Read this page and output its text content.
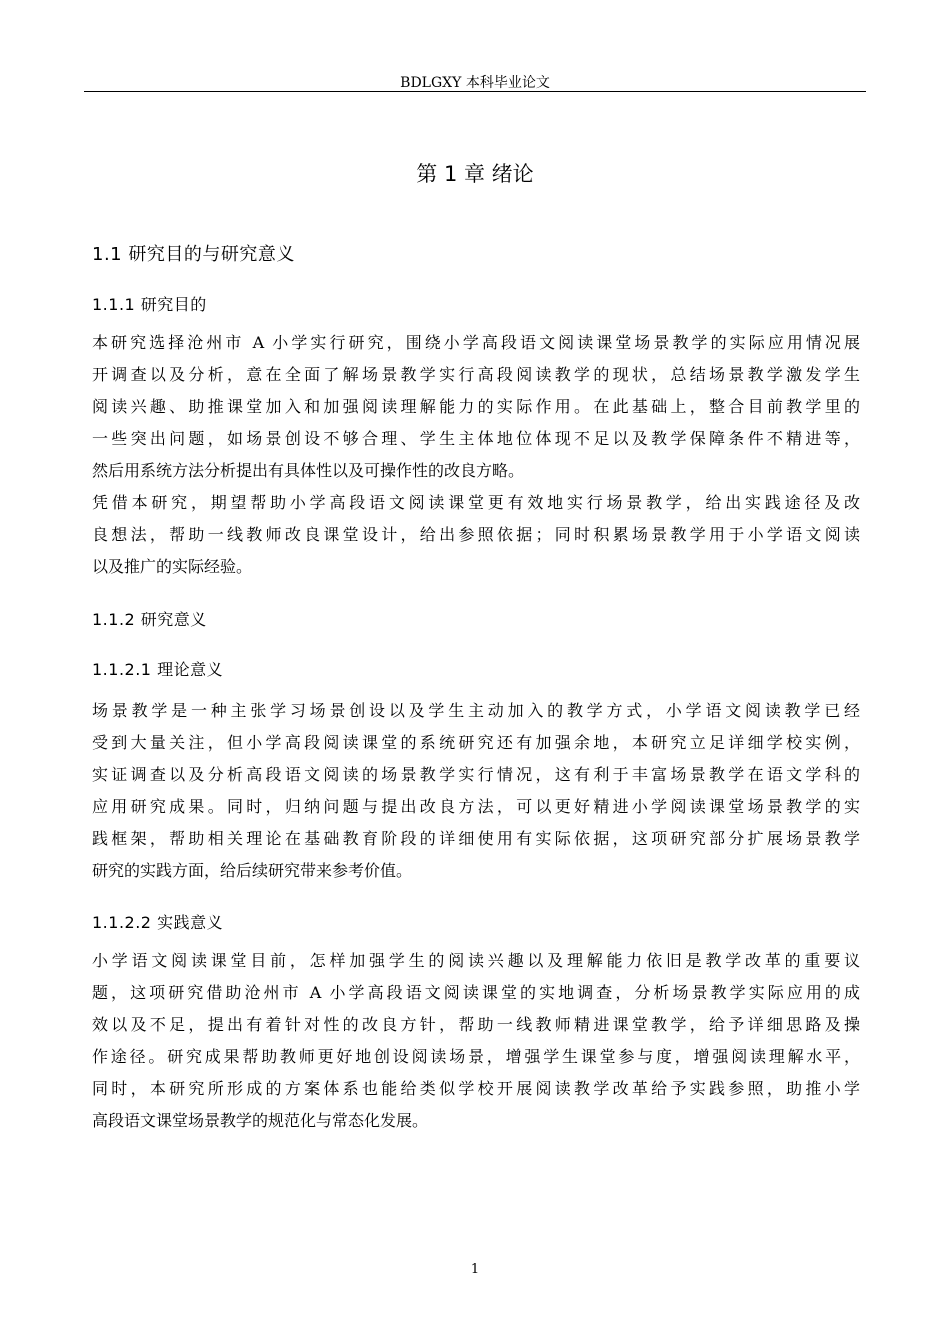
BDLGXY 本科毕业论文
第 1 章 绪论
1.1 研究目的与研究意义
1.1.1 研究目的
本研究选择沧州市 A 小学实行研究，围绕小学高段语文阅读课堂场景教学的实际应用情况展
开调查以及分析，意在全面了解场景教学实行高段阅读教学的现状，总结场景教学激发学生
阅读兴趣、助推课堂加入和加强阅读理解能力的实际作用。在此基础上，整合目前教学里的
一些突出问题，如场景创设不够合理、学生主体地位体现不足以及教学保障条件不精进等，
然后用系统方法分析提出有具体性以及可操作性的改良方略。
凭借本研究，期望帮助小学高段语文阅读课堂更有效地实行场景教学，给出实践途径及改
良想法，帮助一线教师改良课堂设计，给出参照依据；同时积累场景教学用于小学语文阅读
以及推广的实际经验。
1.1.2 研究意义
1.1.2.1 理论意义
场景教学是一种主张学习场景创设以及学生主动加入的教学方式，小学语文阅读教学已经
受到大量关注，但小学高段阅读课堂的系统研究还有加强余地，本研究立足详细学校实例，
实证调查以及分析高段语文阅读的场景教学实行情况，这有利于丰富场景教学在语文学科的
应用研究成果。同时，归纳问题与提出改良方法，可以更好精进小学阅读课堂场景教学的实
践框架，帮助相关理论在基础教育阶段的详细使用有实际依据，这项研究部分扩展场景教学
研究的实践方面，给后续研究带来参考价值。
1.1.2.2 实践意义
小学语文阅读课堂目前，怎样加强学生的阅读兴趣以及理解能力依旧是教学改革的重要议
题，这项研究借助沧州市 A 小学高段语文阅读课堂的实地调查，分析场景教学实际应用的成
效以及不足，提出有着针对性的改良方针，帮助一线教师精进课堂教学，给予详细思路及操
作途径。研究成果帮助教师更好地创设阅读场景，增强学生课堂参与度，增强阅读理解水平，
同时，本研究所形成的方案体系也能给类似学校开展阅读教学改革给予实践参照，助推小学
高段语文课堂场景教学的规范化与常态化发展。
1
